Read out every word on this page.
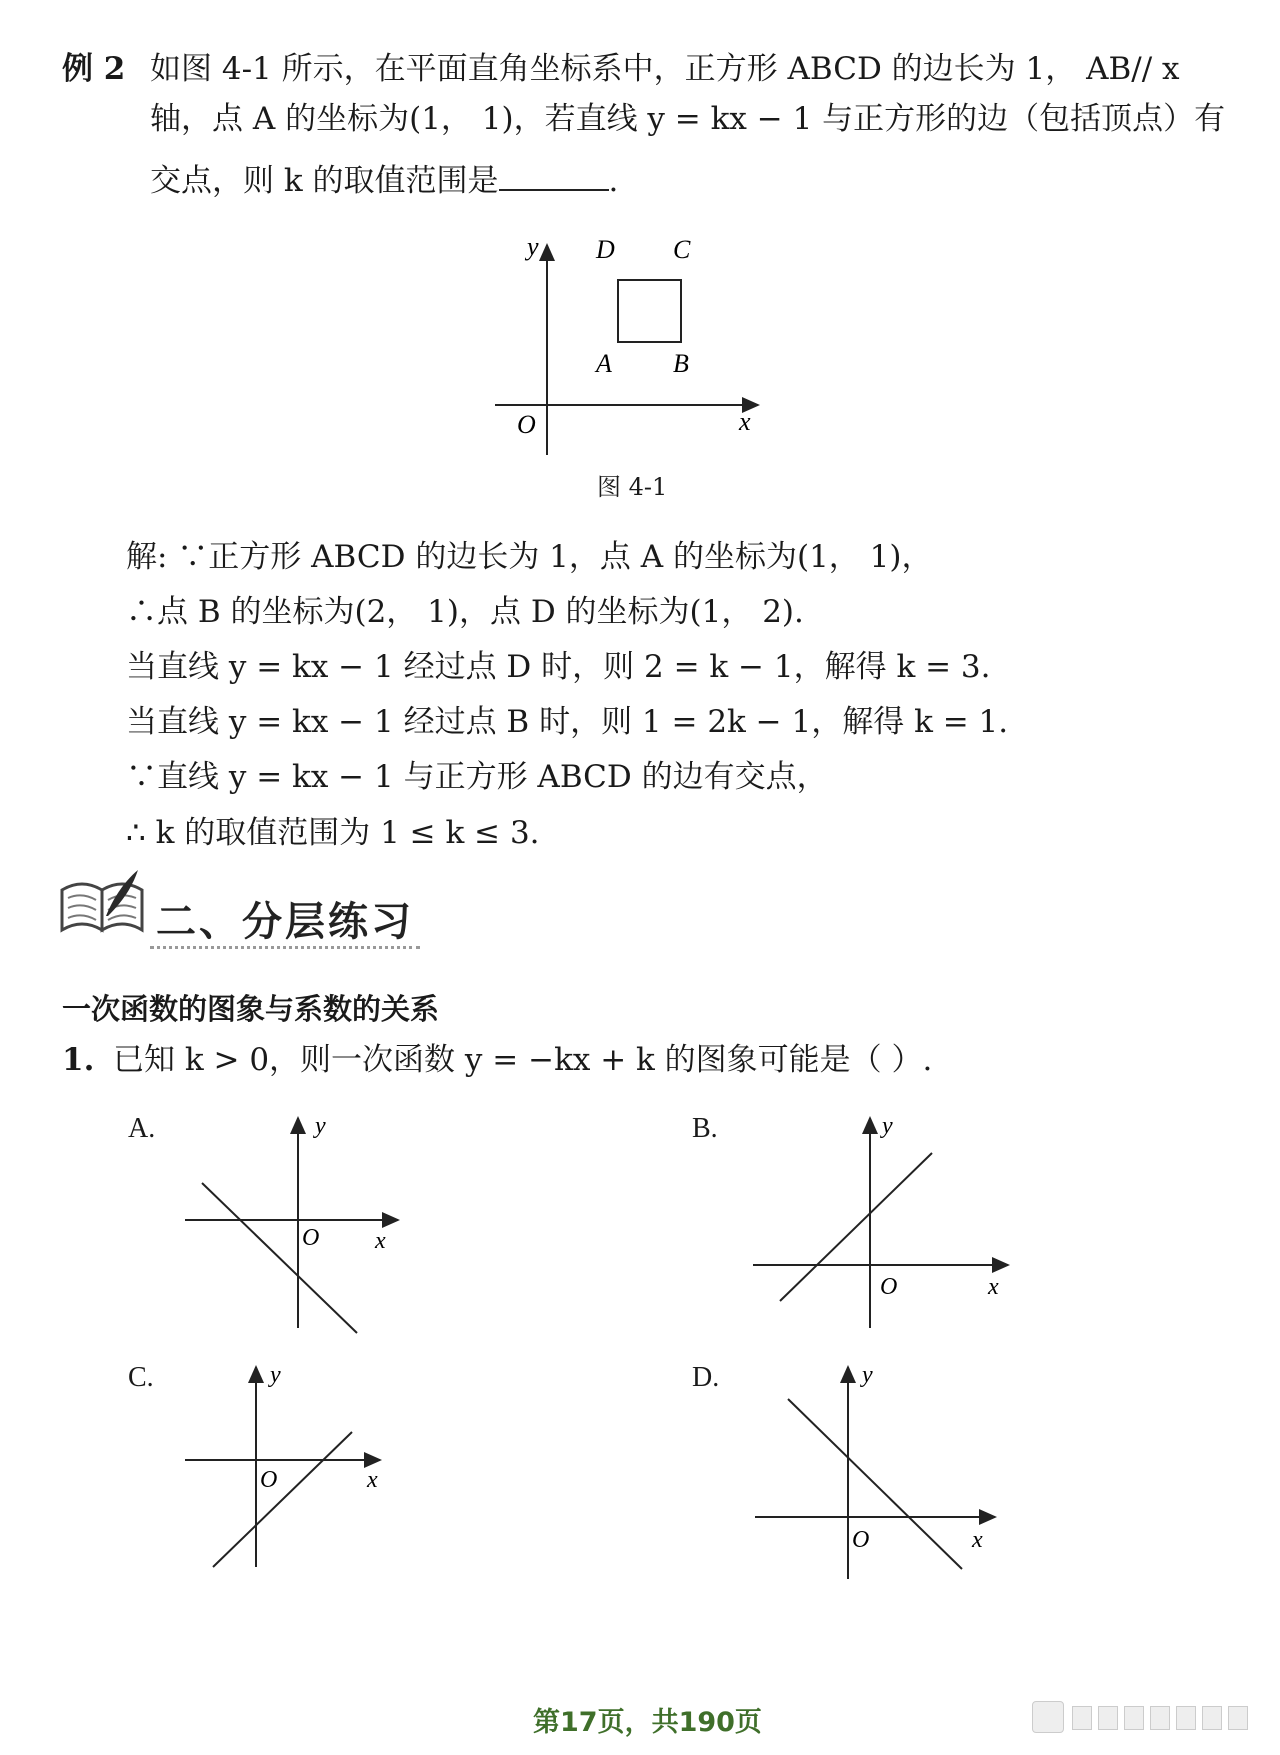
例 2 如图 4-1 所示，在平面直角坐标系中，正方形 ABCD 的边长为 1， AB// x
轴，点 A 的坐标为(1， 1)，若直线 y = kx − 1 与正方形的边（包括顶点）有
交点，则 k 的取值范围是	.
y
x
O
D C
A B
图 4-1
解: ∵正方形 ABCD 的边长为 1，点 A 的坐标为(1， 1)，
∴点 B 的坐标为(2， 1)，点 D 的坐标为(1， 2).
当直线 y = kx − 1 经过点 D 时，则 2 = k − 1，解得 k = 3.
当直线 y = kx − 1 经过点 B 时，则 1 = 2k − 1，解得 k = 1.
∵直线 y = kx − 1 与正方形 ABCD 的边有交点，
∴ k 的取值范围为 1 ≤ k ≤ 3.
二、分层练习
一次函数的图象与系数的关系
1. 已知 k > 0，则一次函数 y = −kx + k 的图象可能是（ ）.
A.	y
x
O
B.	y
x
O
C.	y
x
O
D.	y
x
O
第17页，共190页
